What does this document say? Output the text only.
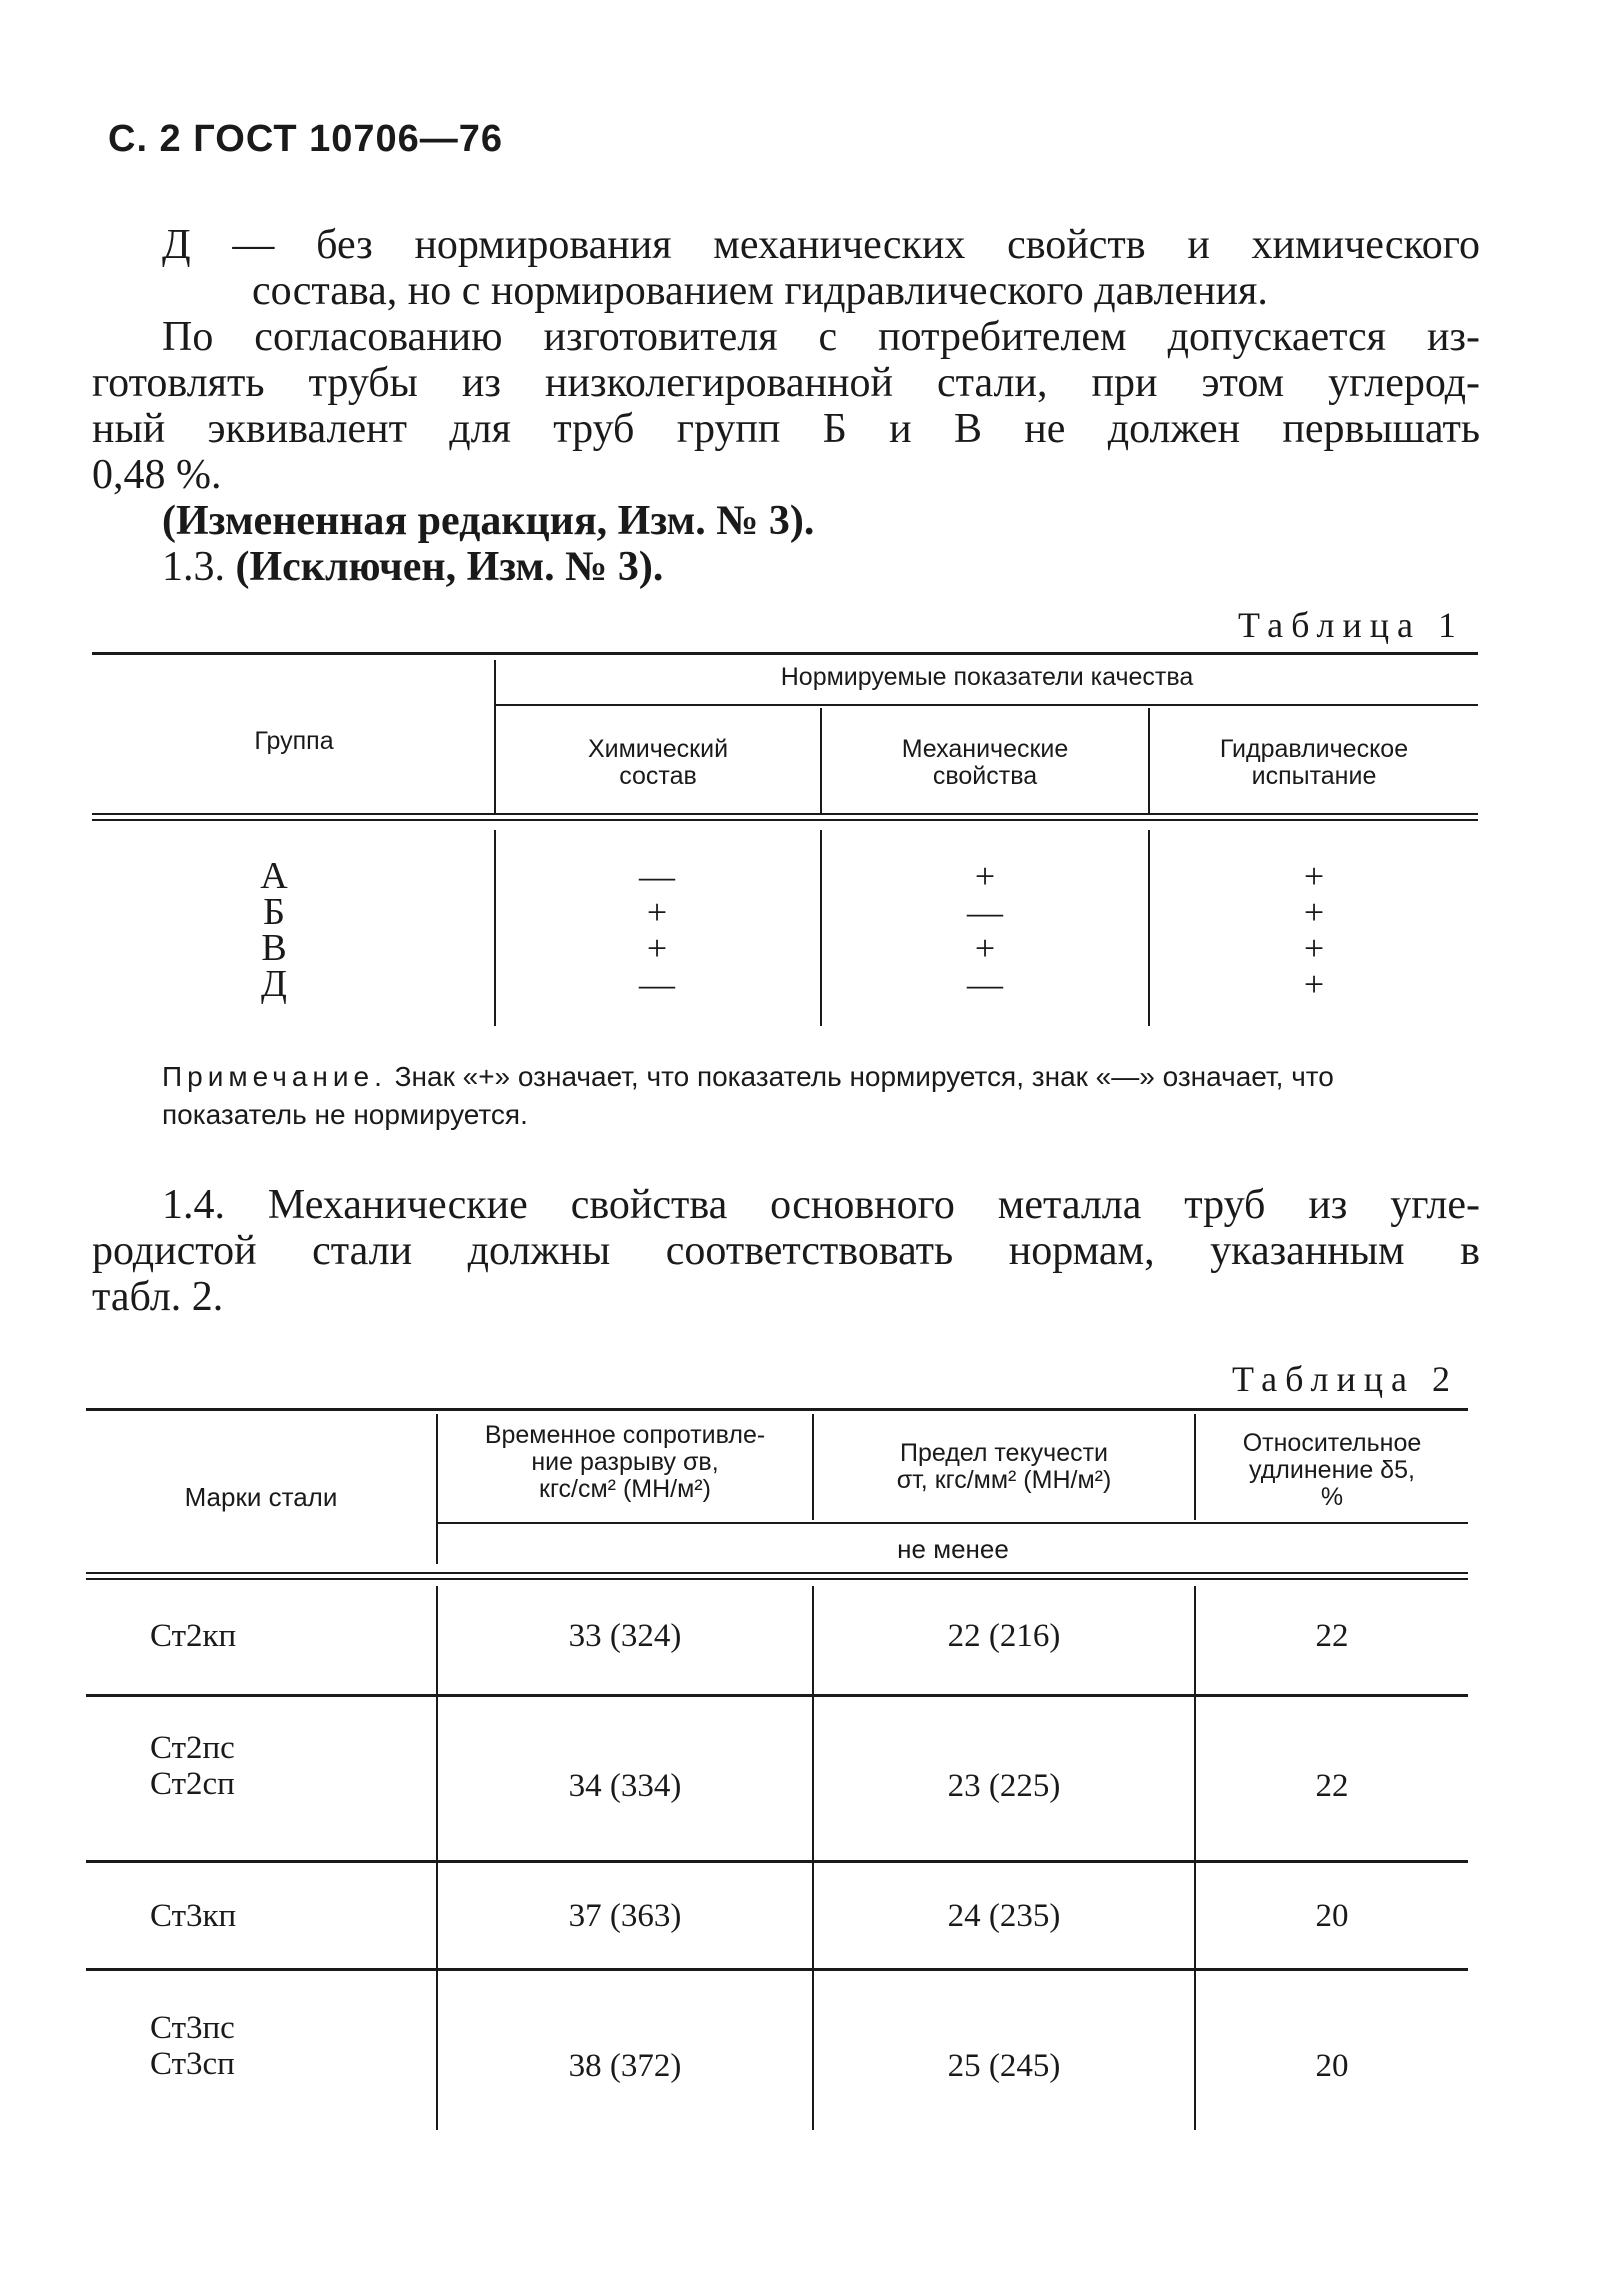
С. 2 ГОСТ 10706—76
Д — без нормирования механических свойств и химического
состава, но с нормированием гидравлического давления.
По согласованию изготовителя с потребителем допускается из-
готовлять трубы из низколегированной стали, при этом углерод-
ный эквивалент для труб групп Б и В не должен первышать
0,48 %.
(Измененная редакция, Изм. № 3).
1.3. (Исключен, Изм. № 3).
Таблица 1
Группа
Нормируемые показатели качества
Химический
состав
Механические
свойства
Гидравлическое
испытание
А	—	+	+
Б	+	—	+
В	+	+	+
Д	—	—	+
Примечание. Знак «+» означает, что показатель нормируется, знак «—» означает, что показатель не нормируется.
1.4. Механические свойства основного металла труб из угле-
родистой стали должны соответствовать нормам, указанным в
табл. 2.
Таблица 2
Марки стали
Временное сопротивле-
ние разрыву σв,
кгс/см² (МН/м²)
Предел текучести
σт, кгс/мм² (МН/м²)
Относительное
удлинение δ5,
%
не менее
Ст2кп	33 (324)	22 (216)	22
Ст2пс
Ст2сп	34 (334)	23 (225)	22
Ст3кп	37 (363)	24 (235)	20
Ст3пс
Ст3сп	38 (372)	25 (245)	20
